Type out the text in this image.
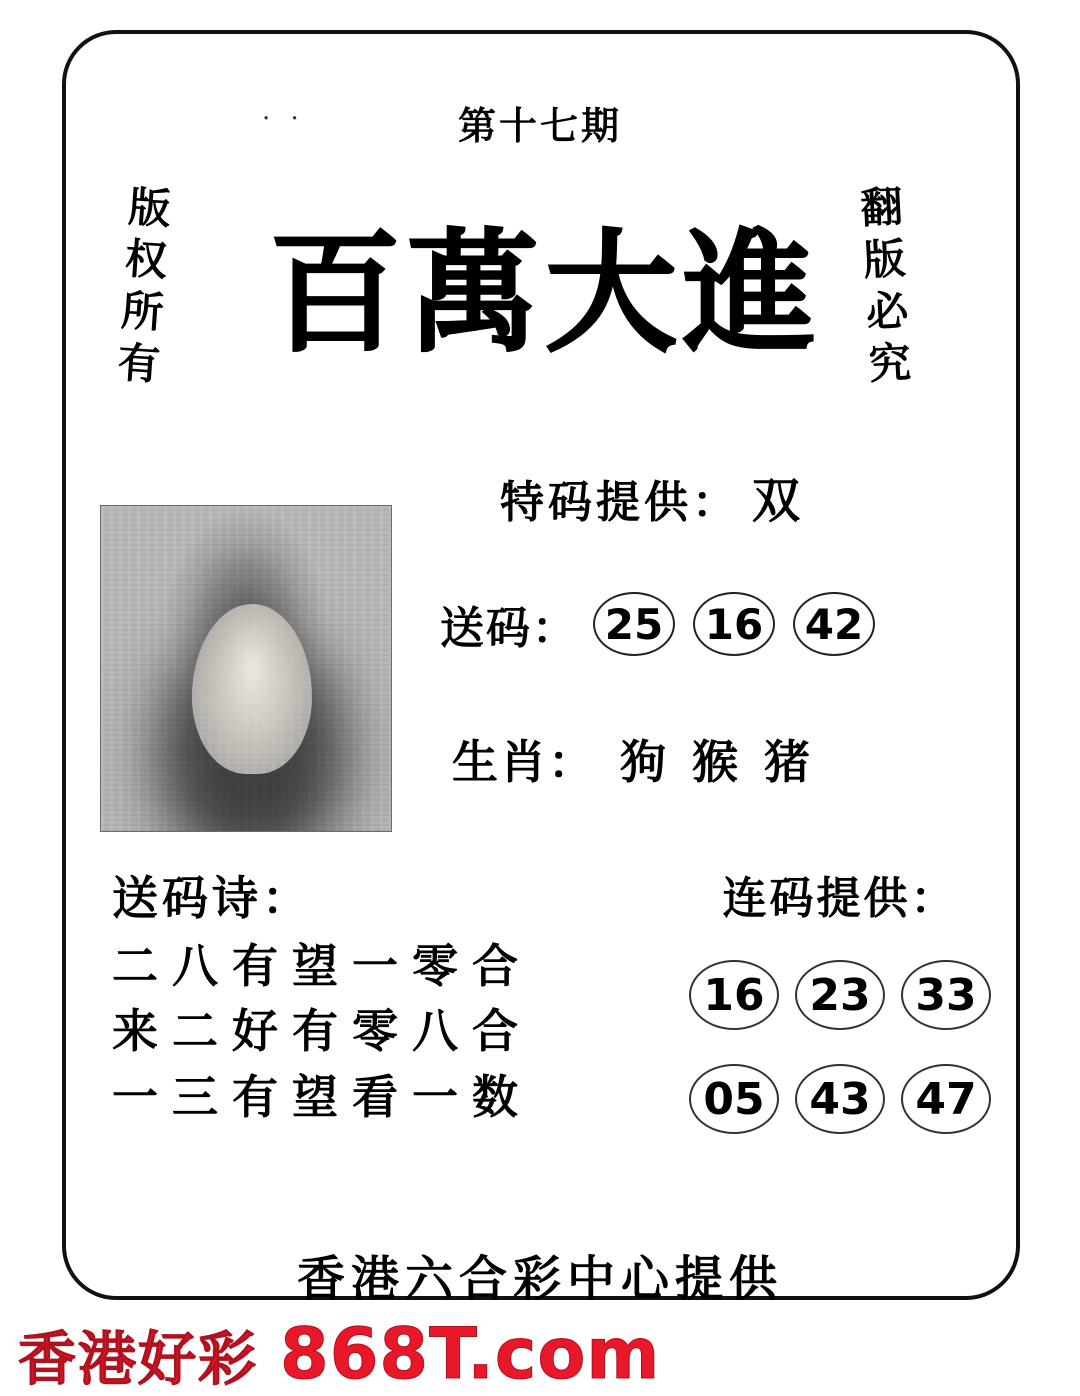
· ·	第十七期
版权所有	翻版必究
百萬大進
特码提供： 双
送码： 25 16 42
生肖： 狗 猴 猪
送码诗：
二八有望一零合
来二好有零八合
一三有望看一数
连码提供：
16	23	33
05	43	47
香港六合彩中心提供
香港好彩 868T.com
